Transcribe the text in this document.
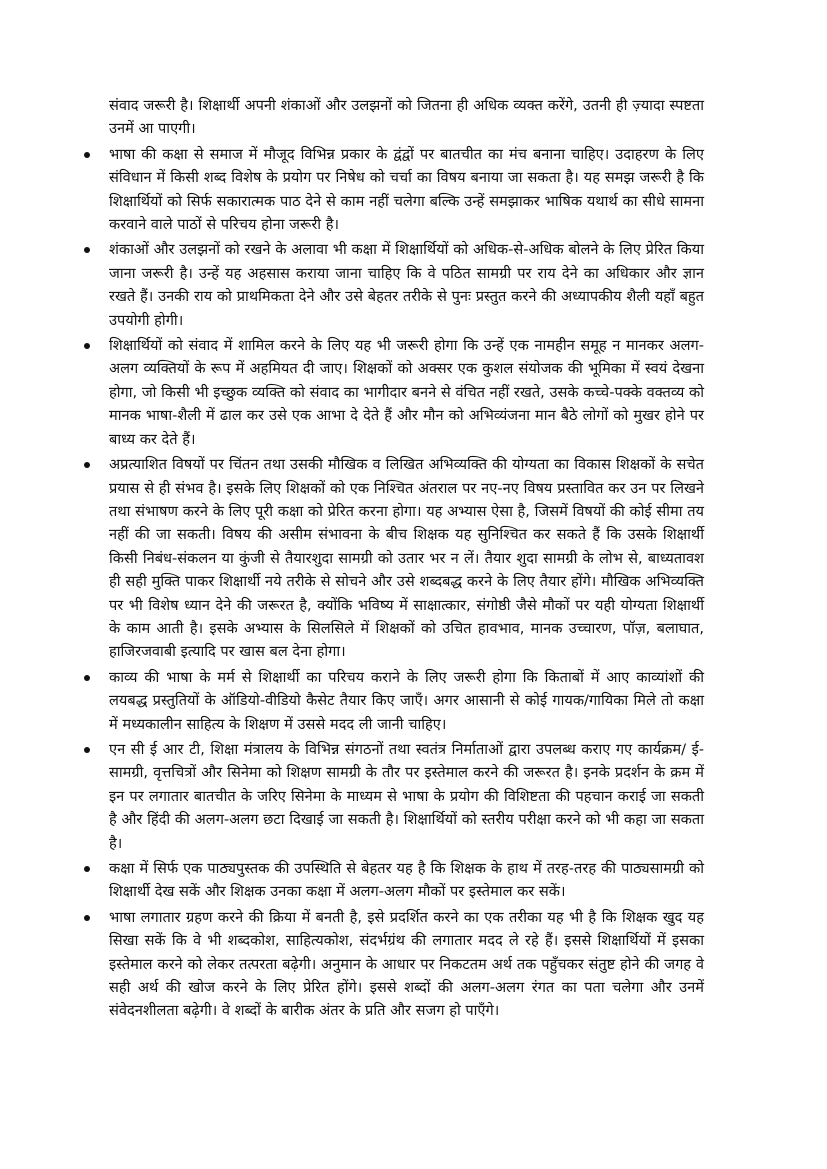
संवाद जरूरी है। शिक्षार्थी अपनी शंकाओं और उलझनों को जितना ही अधिक व्यक्त करेंगे, उतनी ही ज़्यादा स्पष्टता उनमें आ पाएगी।

भाषा की कक्षा से समाज में मौजूद विभिन्न प्रकार के द्वंद्वों पर बातचीत का मंच बनाना चाहिए। उदाहरण के लिए संविधान में किसी शब्द विशेष के प्रयोग पर निषेध को चर्चा का विषय बनाया जा सकता है। यह समझ जरूरी है कि शिक्षार्थियों को सिर्फ सकारात्मक पाठ देने से काम नहीं चलेगा बल्कि उन्हें समझाकर भाषिक यथार्थ का सीधे सामना करवाने वाले पाठों से परिचय होना जरूरी है।
शंकाओं और उलझनों को रखने के अलावा भी कक्षा में शिक्षार्थियों को अधिक-से-अधिक बोलने के लिए प्रेरित किया जाना जरूरी है। उन्हें यह अहसास कराया जाना चाहिए कि वे पठित सामग्री पर राय देने का अधिकार और ज्ञान रखते हैं। उनकी राय को प्राथमिकता देने और उसे बेहतर तरीके से पुनः प्रस्तुत करने की अध्यापकीय शैली यहाँ बहुत उपयोगी होगी।
शिक्षार्थियों को संवाद में शामिल करने के लिए यह भी जरूरी होगा कि उन्हें एक नामहीन समूह न मानकर अलग-अलग व्यक्तियों के रूप में अहमियत दी जाए। शिक्षकों को अक्सर एक कुशल संयोजक की भूमिका में स्वयं देखना होगा, जो किसी भी इच्छुक व्यक्ति को संवाद का भागीदार बनने से वंचित नहीं रखते, उसके कच्चे-पक्के वक्तव्य को मानक भाषा-शैली में ढाल कर उसे एक आभा दे देते हैं और मौन को अभिव्यंजना मान बैठे लोगों को मुखर होने पर बाध्य कर देते हैं।
अप्रत्याशित विषयों पर चिंतन तथा उसकी मौखिक व लिखित अभिव्यक्ति की योग्यता का विकास शिक्षकों के सचेत प्रयास से ही संभव है। इसके लिए शिक्षकों को एक निश्चित अंतराल पर नए-नए विषय प्रस्तावित कर उन पर लिखने तथा संभाषण करने के लिए पूरी कक्षा को प्रेरित करना होगा। यह अभ्यास ऐसा है, जिसमें विषयों की कोई सीमा तय नहीं की जा सकती। विषय की असीम संभावना के बीच शिक्षक यह सुनिश्चित कर सकते हैं कि उसके शिक्षार्थी किसी निबंध-संकलन या कुंजी से तैयारशुदा सामग्री को उतार भर न लें। तैयार शुदा सामग्री के लोभ से, बाध्यतावश ही सही मुक्ति पाकर शिक्षार्थी नये तरीके से सोचने और उसे शब्दबद्ध करने के लिए तैयार होंगे। मौखिक अभिव्यक्ति पर भी विशेष ध्यान देने की जरूरत है, क्योंकि भविष्य में साक्षात्कार, संगोष्ठी जैसे मौकों पर यही योग्यता शिक्षार्थी के काम आती है। इसके अभ्यास के सिलसिले में शिक्षकों को उचित हावभाव, मानक उच्चारण, पॉज़, बलाघात, हाजिरजवाबी इत्यादि पर खास बल देना होगा।
काव्य की भाषा के मर्म से शिक्षार्थी का परिचय कराने के लिए जरूरी होगा कि किताबों में आए काव्यांशों की लयबद्ध प्रस्तुतियों के ऑडियो-वीडियो कैसेट तैयार किए जाएँ। अगर आसानी से कोई गायक/गायिका मिले तो कक्षा में मध्यकालीन साहित्य के शिक्षण में उससे मदद ली जानी चाहिए।
एन सी ई आर टी, शिक्षा मंत्रालय के विभिन्न संगठनों तथा स्वतंत्र निर्माताओं द्वारा उपलब्ध कराए गए कार्यक्रम/ ई-सामग्री, वृत्तचित्रों और सिनेमा को शिक्षण सामग्री के तौर पर इस्तेमाल करने की जरूरत है। इनके प्रदर्शन के क्रम में इन पर लगातार बातचीत के जरिए सिनेमा के माध्यम से भाषा के प्रयोग की विशिष्टता की पहचान कराई जा सकती है और हिंदी की अलग-अलग छटा दिखाई जा सकती है। शिक्षार्थियों को स्तरीय परीक्षा करने को भी कहा जा सकता है।
कक्षा में सिर्फ एक पाठ्यपुस्तक की उपस्थिति से बेहतर यह है कि शिक्षक के हाथ में तरह-तरह की पाठ्यसामग्री को शिक्षार्थी देख सकें और शिक्षक उनका कक्षा में अलग-अलग मौकों पर इस्तेमाल कर सकें।
भाषा लगातार ग्रहण करने की क्रिया में बनती है, इसे प्रदर्शित करने का एक तरीका यह भी है कि शिक्षक खुद यह सिखा सकें कि वे भी शब्दकोश, साहित्यकोश, संदर्भग्रंथ की लगातार मदद ले रहे हैं। इससे शिक्षार्थियों में इसका इस्तेमाल करने को लेकर तत्परता बढ़ेगी। अनुमान के आधार पर निकटतम अर्थ तक पहुँचकर संतुष्ट होने की जगह वे सही अर्थ की खोज करने के लिए प्रेरित होंगे। इससे शब्दों की अलग-अलग रंगत का पता चलेगा और उनमें संवेदनशीलता बढ़ेगी। वे शब्दों के बारीक अंतर के प्रति और सजग हो पाएँगे।
